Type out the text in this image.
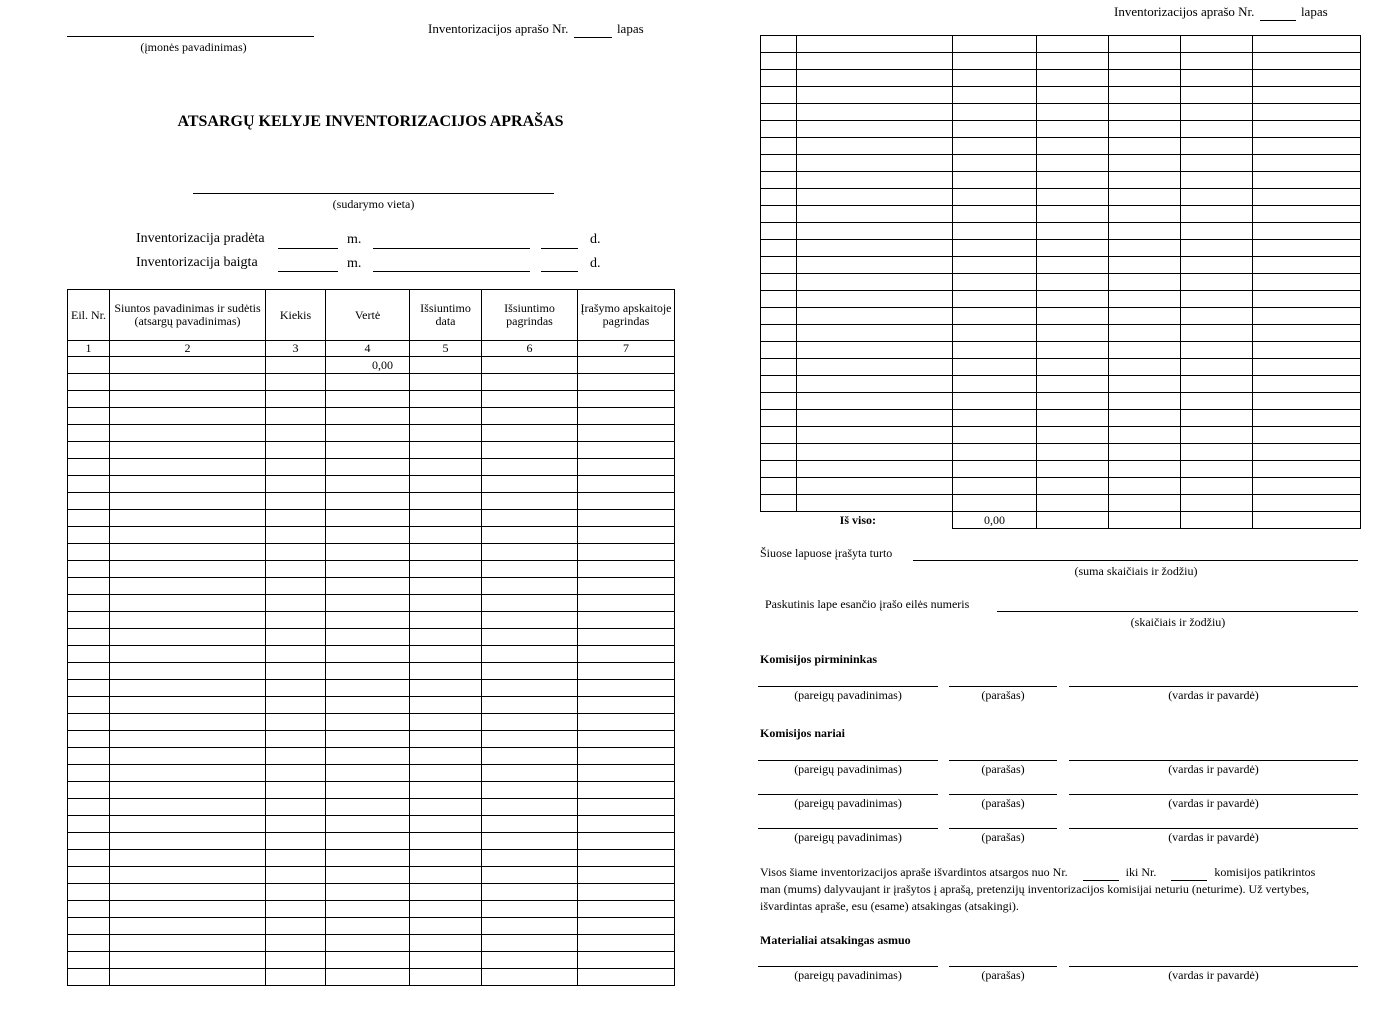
(įmonės pavadinimas)
Inventorizacijos aprašo Nr.	lapas
ATSARGŲ KELYJE INVENTORIZACIJOS APRAŠAS
(sudarymo vieta)
Inventorizacija pradėta	m.	d.
Inventorizacija baigta	m.	d.
Eil. Nr.	Siuntos pavadinimas ir sudėtis (atsargų pavadinimas)	Kiekis	Vertė	Išsiuntimo data	Išsiuntimo pagrindas	Įrašymo apskaitoje pagrindas
1	2	3	4	5	6	7
			0,00			

Inventorizacijos aprašo Nr.	lapas

Iš viso:		0,00				
Šiuose lapuose įrašyta turto
(suma skaičiais ir žodžiu)
Paskutinis lape esančio įrašo eilės numeris
(skaičiais ir žodžiu)
Komisijos pirmininkas
Komisijos nariai
Visos šiame inventorizacijos apraše išvardintos atsargos nuo Nr.	iki Nr.	komisijos patikrintos
man (mums) dalyvaujant ir įrašytos į aprašą, pretenzijų inventorizacijos komisijai neturiu (neturime). Už vertybes,
išvardintas apraše, esu (esame) atsakingas (atsakingi).
Materialiai atsakingas asmuo
(pareigų pavadinimas)	(parašas)	(vardas ir pavardė)
(pareigų pavadinimas)	(parašas)	(vardas ir pavardė)
(pareigų pavadinimas)	(parašas)	(vardas ir pavardė)
(pareigų pavadinimas)	(parašas)	(vardas ir pavardė)
(pareigų pavadinimas)	(parašas)	(vardas ir pavardė)
